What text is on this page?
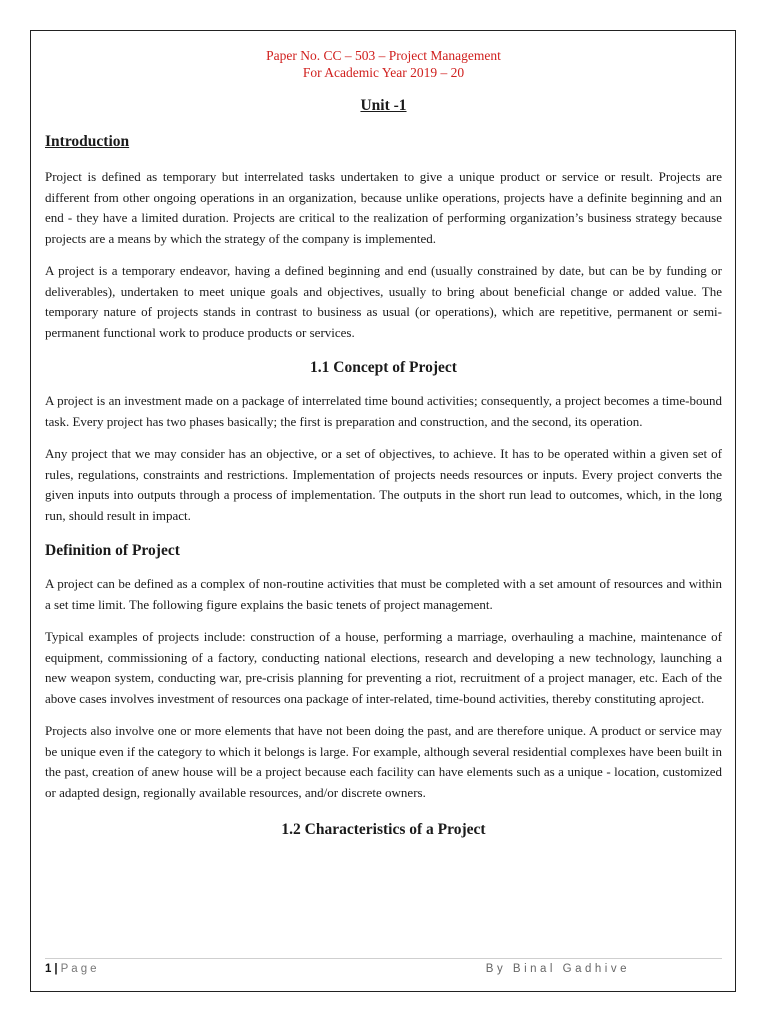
Paper No. CC – 503 – Project Management
For Academic Year 2019 – 20
Unit -1
Introduction

Project is defined as temporary but interrelated tasks undertaken to give a unique product or service or result. Projects are different from other ongoing operations in an organization, because unlike operations, projects have a definite beginning and an end - they have a limited duration. Projects are critical to the realization of performing organization’s business strategy because projects are a means by which the strategy of the company is implemented.

A project is a temporary endeavor, having a defined beginning and end (usually constrained by date, but can be by funding or deliverables), undertaken to meet unique goals and objectives, usually to bring about beneficial change or added value. The temporary nature of projects stands in contrast to business as usual (or operations), which are repetitive, permanent or semi-permanent functional work to produce products or services.

1.1 Concept of Project

A project is an investment made on a package of interrelated time bound activities; consequently, a project becomes a time-bound task. Every project has two phases basically; the first is preparation and construction, and the second, its operation.

Any project that we may consider has an objective, or a set of objectives, to achieve. It has to be operated within a given set of rules, regulations, constraints and restrictions. Implementation of projects needs resources or inputs. Every project converts the given inputs into outputs through a process of implementation. The outputs in the short run lead to outcomes, which, in the long run, should result in impact.

Definition of Project

A project can be defined as a complex of non-routine activities that must be completed with a set amount of resources and within a set time limit. The following figure explains the basic tenets of project management.

Typical examples of projects include: construction of a house, performing a marriage, overhauling a machine, maintenance of equipment, commissioning of a factory, conducting national elections, research and developing a new technology, launching a new weapon system, conducting war, pre-crisis planning for preventing a riot, recruitment of a project manager, etc. Each of the above cases involves investment of resources ona package of inter-related, time-bound activities, thereby constituting aproject.

Projects also involve one or more elements that have not been doing the past, and are therefore unique. A product or service may be unique even if the category to which it belongs is large. For example, although several residential complexes have been built in the past, creation of anew house will be a project because each facility can have elements such as a unique - location, customized or adapted design, regionally available resources, and/or discrete owners.

1.2 Characteristics of a Project
1 | Page	By Binal Gadhive
